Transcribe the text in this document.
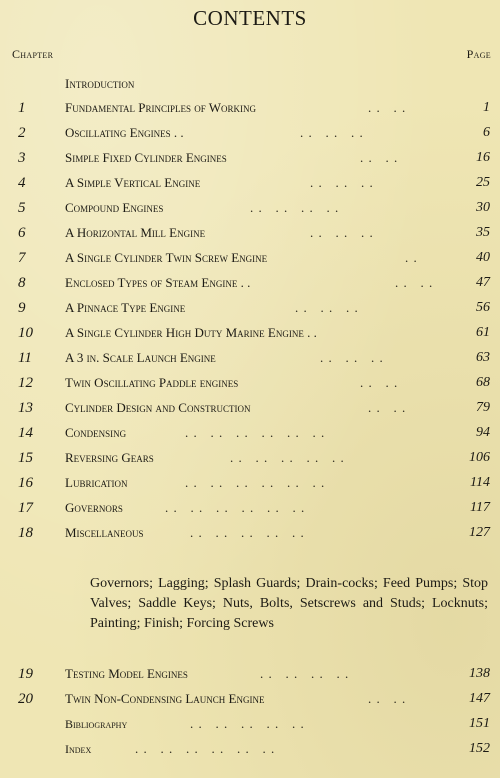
CONTENTS
Chapter	Page
Introduction
1	Fundamental Principles of Working	. .   . .	1
2	Oscillating Engines . .	. .   . .   . .	6
3	Simple Fixed Cylinder Engines	. .   . .	16
4	A Simple Vertical Engine	. .   . .   . .	25
5	Compound Engines	. .   . .   . .   . .	30
6	A Horizontal Mill Engine	. .   . .   . .	35
7	A Single Cylinder Twin Screw Engine	. .	40
8	Enclosed Types of Steam Engine . .	. .   . .	47
9	A Pinnace Type Engine	. .   . .   . .	56
10	A Single Cylinder High Duty Marine Engine . .	61
11	A 3 in. Scale Launch Engine	. .   . .   . .	63
12	Twin Oscillating Paddle engines	. .   . .	68
13	Cylinder Design and Construction	. .   . .	79
14	Condensing	. .   . .   . .   . .   . .   . .	94
15	Reversing Gears	. .   . .   . .   . .   . .	106
16	Lubrication	. .   . .   . .   . .   . .   . .	114
17	Governors	. .   . .   . .   . .   . .   . .	117
18	Miscellaneous	. .   . .   . .   . .   . .	127
Governors; Lagging; Splash Guards; Drain-cocks; Feed Pumps; Stop Valves; Saddle Keys; Nuts, Bolts, Setscrews and Studs; Locknuts; Painting; Finish; Forcing Screws
19	Testing Model Engines	. .   . .   . .   . .	138
20	Twin Non-Condensing Launch Engine	. .   . .	147
Bibliography	. .   . .   . .   . .   . .	151
Index	. .   . .   . .   . .   . .   . .	152
